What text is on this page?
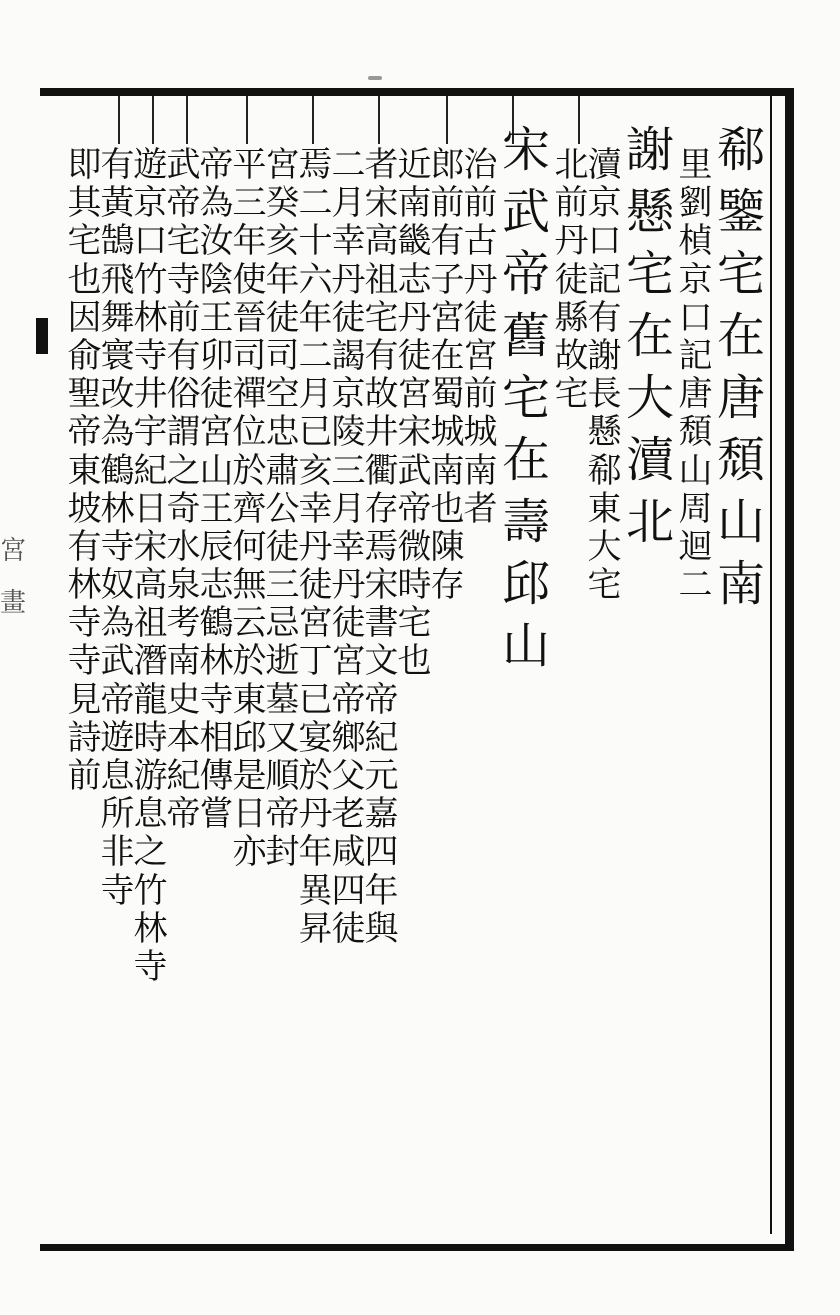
宮
畫
郗
鑒
宅
在
唐
頹
山
南
里
劉
楨
京
口
記
唐
頹
山
周
迴
二
謝
懸
宅
在
大
瀆
北
瀆
京
口
記
有
謝
長
懸
郗
東
大
宅
北
前
丹
徒
縣
故
宅
宋
武
帝
舊
宅
在
壽
邱
山
治
前
古
丹
徒
宮
前
城
南
者
郎
前
有
子
宮
在
蜀
城
南
也
陳
存
近
南
畿
志
丹
徒
宮
宋
武
帝
微
時
宅
也
者
宋
高
祖
宅
有
故
井
衢
存
焉
宋
書
文
帝
紀
元
嘉
四
年
與
二
月
幸
丹
徒
謁
京
陵
三
月
幸
丹
徒
宮
帝
鄉
父
老
咸
四
徒
焉
二
十
六
年
二
月
已
亥
幸
丹
徒
宮
丁
已
宴
於
丹
年
異
昇
宮
癸
亥
年
徒
司
空
忠
肅
公
徒
三
忌
逝
墓
又
順
帝
封
平
三
年
使
晉
司
禪
位
於
齊
何
無
云
於
東
邱
是
日
亦
帝
為
汝
陰
王
卯
徒
宮
山
王
辰
志
鶴
林
寺
相
傳
嘗
武
帝
宅
寺
前
有
俗
謂
之
奇
水
泉
考
南
史
本
紀
帝
遊
京
口
竹
林
寺
井
宇
紀
日
宋
高
祖
潛
龍
時
游
息
之
竹
林
寺
有
黃
鵠
飛
舞
寰
改
為
鶴
林
寺
奴
為
武
帝
遊
息
所
非
寺
即
其
宅
也
因
俞
聖
帝
東
坡
有
林
寺
寺
見
詩
前
